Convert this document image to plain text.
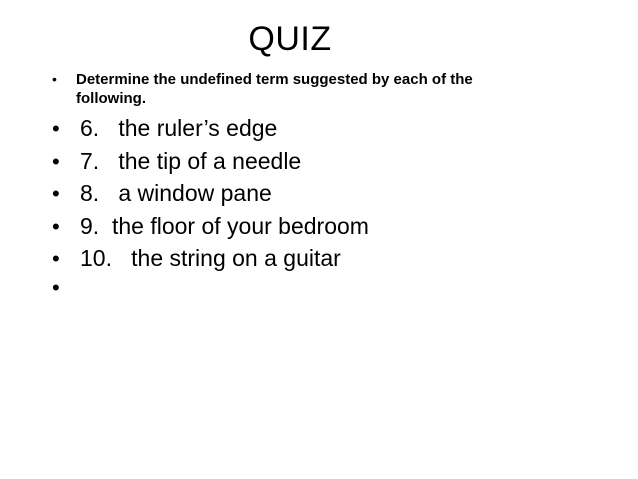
QUIZ
•	Determine the undefined term suggested by each of the
following.
• 6.   the ruler’s edge
• 7.   the tip of a needle
• 8.   a window pane
• 9.  the floor of your bedroom
• 10.   the string on a guitar
•
